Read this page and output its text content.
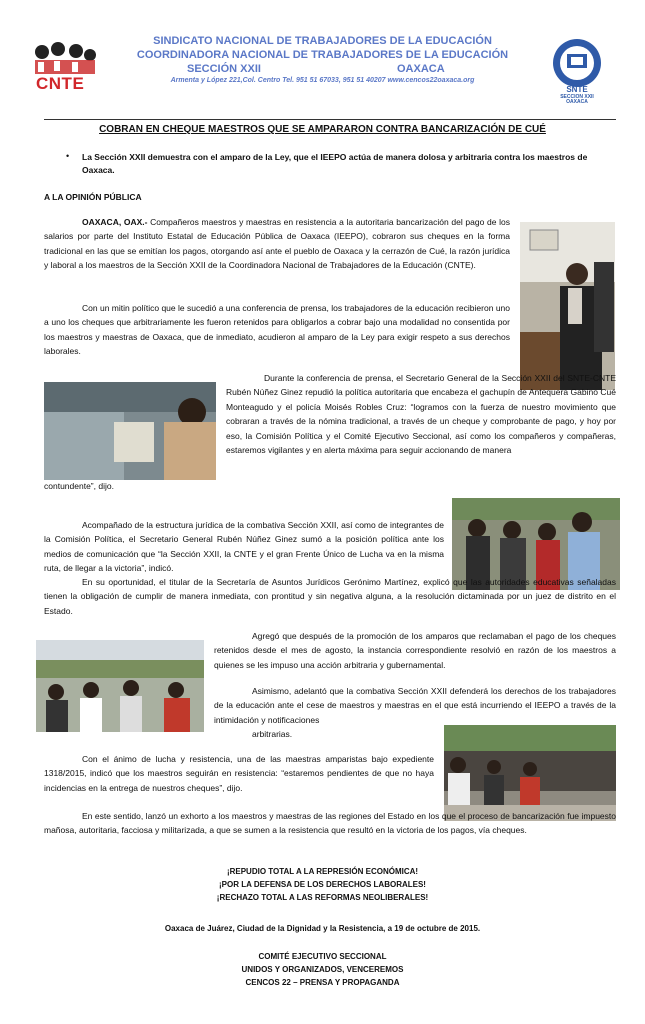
CNTE
SINDICATO NACIONAL DE TRABAJADORES DE LA EDUCACIÓN
COORDINADORA NACIONAL DE TRABAJADORES DE LA EDUCACIÓN
SECCIÓN XXII	OAXACA
Armenta y López 221,Col. Centro Tel. 951 51 67033, 951 51 40207 www.cencos22oaxaca.org
SNTE
SECCION XXII
OAXACA
COBRAN EN CHEQUE MAESTROS QUE SE AMPARARON CONTRA BANCARIZACIÓN DE CUÉ
• La Sección XXII demuestra con el amparo de la Ley, que el IEEPO actúa de manera dolosa y arbitraria contra los maestros de Oaxaca.
A LA OPINIÓN PÚBLICA
OAXACA, OAX.- Compañeros maestros y maestras en resistencia a la autoritaria bancarización del pago de los salarios por parte del Instituto Estatal de Educación Pública de Oaxaca (IEEPO), cobraron sus cheques en la forma tradicional en las que se emitían los pagos, otorgando así ante el pueblo de Oaxaca y la cerrazón de Cué, la razón jurídica y laboral a los maestros de la Sección XXII de la Coordinadora Nacional de Trabajadores de la Educación (CNTE).
Con un mitin político que le sucedió a una conferencia de prensa, los trabajadores de la educación recibieron uno a uno los cheques que arbitrariamente les fueron retenidos para obligarlos a cobrar bajo una modalidad no consentida por los maestros y maestras de Oaxaca, que de inmediato, acudieron al amparo de la Ley para exigir respeto a sus derechos laborales.
Durante la conferencia de prensa, el Secretario General de la Sección XXII del SNTE-CNTE Rubén Núñez Ginez repudió la política autoritaria que encabeza el gachupín de Antequera Gabino Cué Monteagudo y el policía Moisés Robles Cruz: “logramos con la fuerza de nuestro movimiento que cobraran a través de la nómina tradicional, a través de un cheque y comprobante de pago, y hoy por eso, la Comisión Política y el Comité Ejecutivo Seccional, así como los compañeros y compañeras, estaremos vigilantes y en alerta máxima para seguir accionando de manera
contundente”, dijo.
Acompañado de la estructura jurídica de la combativa Sección XXII, así como de integrantes de la Comisión Política, el Secretario General Rubén Núñez Ginez sumó a la posición política ante los medios de comunicación que “la Sección XXII, la CNTE y el gran Frente Único de Lucha va en la misma ruta, de llegar a la victoria”, indicó.
En su oportunidad, el titular de la Secretaría de Asuntos Jurídicos Gerónimo Martínez, explicó que las autoridades educativas señaladas tienen la obligación de cumplir de manera inmediata, con prontitud y sin negativa alguna, a la resolución dictaminada por un juez de distrito en el Estado.
Agregó que después de la promoción de los amparos que reclamaban el pago de los cheques retenidos desde el mes de agosto, la instancia correspondiente resolvió en razón de los maestros a quienes se les impuso una acción arbitraria y gubernamental.
Asimismo, adelantó que la combativa Sección XXII defenderá los derechos de los trabajadores de la educación ante el cese de maestros y maestras en el que está incurriendo el IEEPO a través de la intimidación y notificaciones
arbitrarias.
Con el ánimo de lucha y resistencia, una de las maestras amparistas bajo expediente 1318/2015, indicó que los maestros seguirán en resistencia: “estaremos pendientes de que no haya incidencias en la entrega de nuestros cheques”, dijo.
En este sentido, lanzó un exhorto a los maestros y maestras de las regiones del Estado en los que el proceso de bancarización fue impuesto mañosa, autoritaria, facciosa y militarizada, a que se sumen a la resistencia que resultó en la victoria de los pagos, vía cheques.
¡REPUDIO TOTAL A LA REPRESIÓN ECONÓMICA!
¡POR LA DEFENSA DE LOS DERECHOS LABORALES!
¡RECHAZO TOTAL A LAS REFORMAS NEOLIBERALES!
Oaxaca de Juárez, Ciudad de la Dignidad y la Resistencia, a 19 de octubre de 2015.
COMITÉ EJECUTIVO SECCIONAL
UNIDOS Y ORGANIZADOS, VENCEREMOS
CENCOS 22 – PRENSA Y PROPAGANDA
